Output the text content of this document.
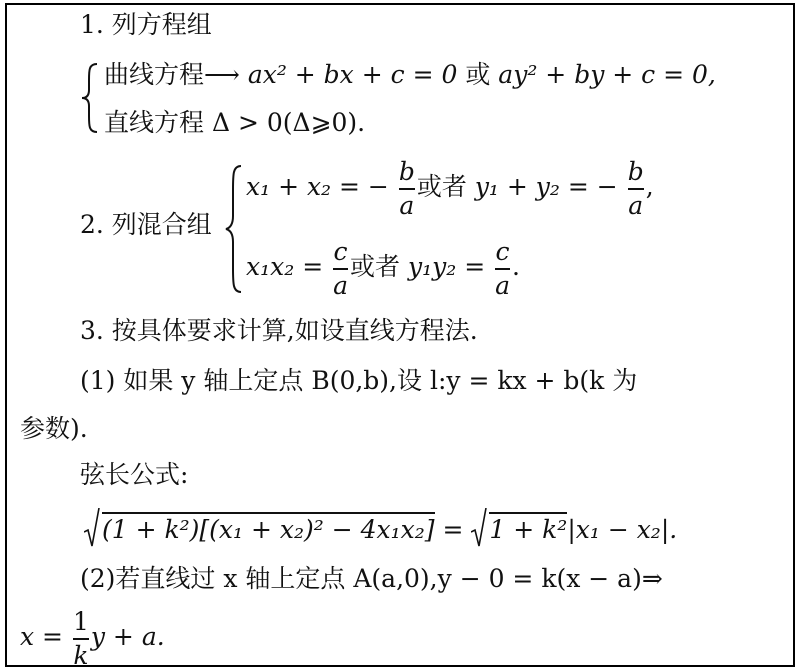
1. 列方程组
曲线方程⟶ ax² + bx + c = 0 或 ay² + by + c = 0,
直线方程 Δ > 0(Δ⩾0).
2. 列混合组
x₁ + x₂ = − $\frac{b}{a}$ 或者 y₁ + y₂ = − $\frac{b}{a}$ ,
$x_1x_2 = \frac{c}{a}$ 或者 $y_1y_2 = \frac{c}{a}$ .
3. 按具体要求计算,如设直线方程法.
(1) 如果 y 轴上定点 B(0,b),设 l:y = kx + b(k 为
参数).
弦长公式:
(1 + k²)[(x₁ + x₂)² − 4x₁x₂] = 1 + k²|x₁ − x₂|.
(2)若直线过 x 轴上定点 A(a,0),y − 0 = k(x − a)⇒
$x = \frac{1}{k}$ y + a.
